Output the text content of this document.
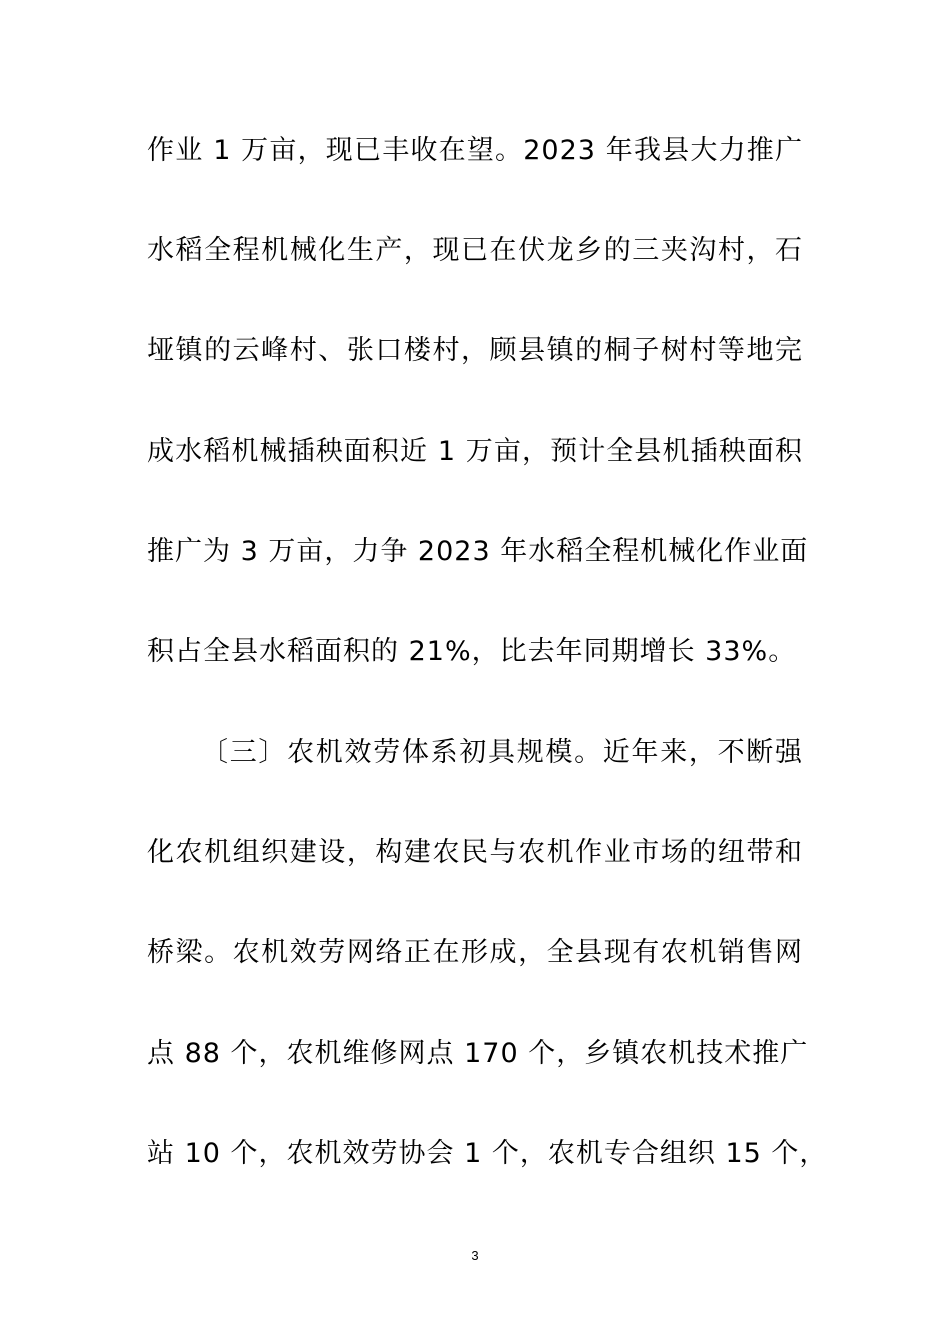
作业 1 万亩，现已丰收在望。2023 年我县大力推广
水稻全程机械化生产，现已在伏龙乡的三夹沟村，石
垭镇的云峰村、张口楼村，顾县镇的桐子树村等地完
成水稻机械插秧面积近 1 万亩，预计全县机插秧面积
推广为 3 万亩，力争 2023 年水稻全程机械化作业面
积占全县水稻面积的 21%，比去年同期增长 33%。
〔三〕农机效劳体系初具规模。近年来，不断强
化农机组织建设，构建农民与农机作业市场的纽带和
桥梁。农机效劳网络正在形成，全县现有农机销售网
点 88 个，农机维修网点 170 个，乡镇农机技术推广
站 10 个，农机效劳协会 1 个，农机专合组织 15 个，
3
